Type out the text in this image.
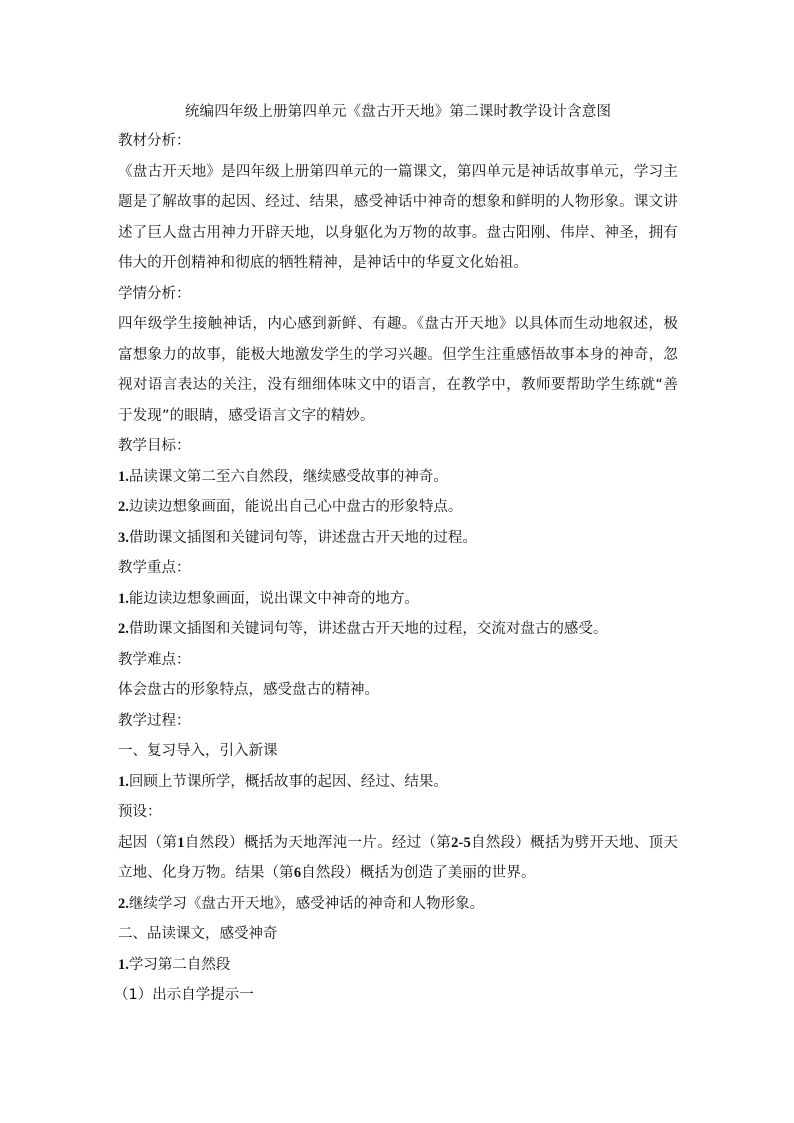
统编四年级上册第四单元《盘古开天地》第二课时教学设计含意图
教材分析：
《盘古开天地》是四年级上册第四单元的一篇课文，第四单元是神话故事单元，学习主题是了解故事的起因、经过、结果，感受神话中神奇的想象和鲜明的人物形象。课文讲述了巨人盘古用神力开辟天地，以身躯化为万物的故事。盘古阳刚、伟岸、神圣，拥有伟大的开创精神和彻底的牺牲精神，是神话中的华夏文化始祖。
学情分析：
四年级学生接触神话，内心感到新鲜、有趣。《盘古开天地》以具体而生动地叙述，极富想象力的故事，能极大地激发学生的学习兴趣。但学生注重感悟故事本身的神奇，忽视对语言表达的关注，没有细细体味文中的语言，在教学中，教师要帮助学生练就“善于发现”的眼睛，感受语言文字的精妙。
教学目标：
1.品读课文第二至六自然段，继续感受故事的神奇。
2.边读边想象画面，能说出自己心中盘古的形象特点。
3.借助课文插图和关键词句等，讲述盘古开天地的过程。
教学重点：
1.能边读边想象画面，说出课文中神奇的地方。
2.借助课文插图和关键词句等，讲述盘古开天地的过程，交流对盘古的感受。
教学难点：
体会盘古的形象特点，感受盘古的精神。
教学过程：
一、复习导入，引入新课
1.回顾上节课所学，概括故事的起因、经过、结果。
预设：
起因（第1自然段）概括为天地浑沌一片。经过（第2-5自然段）概括为劈开天地、顶天立地、化身万物。结果（第6自然段）概括为创造了美丽的世界。
2.继续学习《盘古开天地》，感受神话的神奇和人物形象。
二、品读课文，感受神奇
1.学习第二自然段
（1）出示自学提示一
